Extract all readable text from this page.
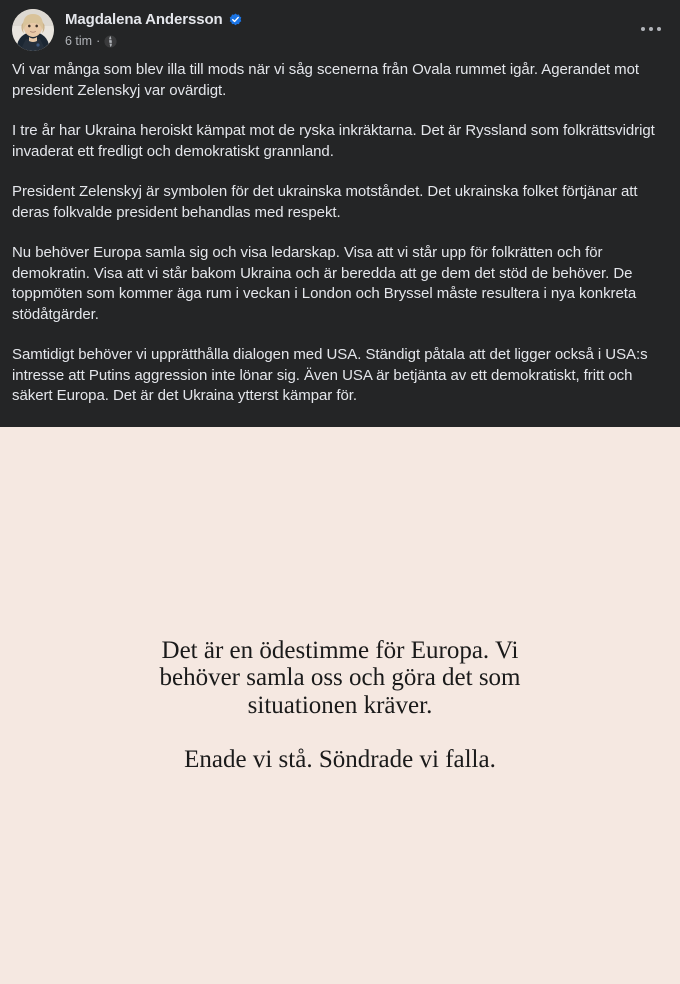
Magdalena Andersson
6 tim ·

Vi var många som blev illa till mods när vi såg scenerna från Ovala rummet igår. Agerandet mot president Zelenskyj var ovärdigt.

I tre år har Ukraina heroiskt kämpat mot de ryska inkräktarna. Det är Ryssland som folkrättsvidrigt invaderat ett fredligt och demokratiskt grannland.

President Zelenskyj är symbolen för det ukrainska motståndet. Det ukrainska folket förtjänar att deras folkvalde president behandlas med respekt.

Nu behöver Europa samla sig och visa ledarskap. Visa att vi står upp för folkrätten och för demokratin. Visa att vi står bakom Ukraina och är beredda att ge dem det stöd de behöver. De toppmöten som kommer äga rum i veckan i London och Bryssel måste resultera i nya konkreta stödåtgärder.

Samtidigt behöver vi upprätthålla dialogen med USA. Ständigt påtala att det ligger också i USA:s intresse att Putins aggression inte lönar sig. Även USA är betjänta av ett demokratiskt, fritt och säkert Europa. Det är det Ukraina ytterst kämpar för.

Det är en ödestimme för Europa. Vi behöver samla oss och göra det som situationen kräver.
Enade vi stå. Söndrade vi falla.
